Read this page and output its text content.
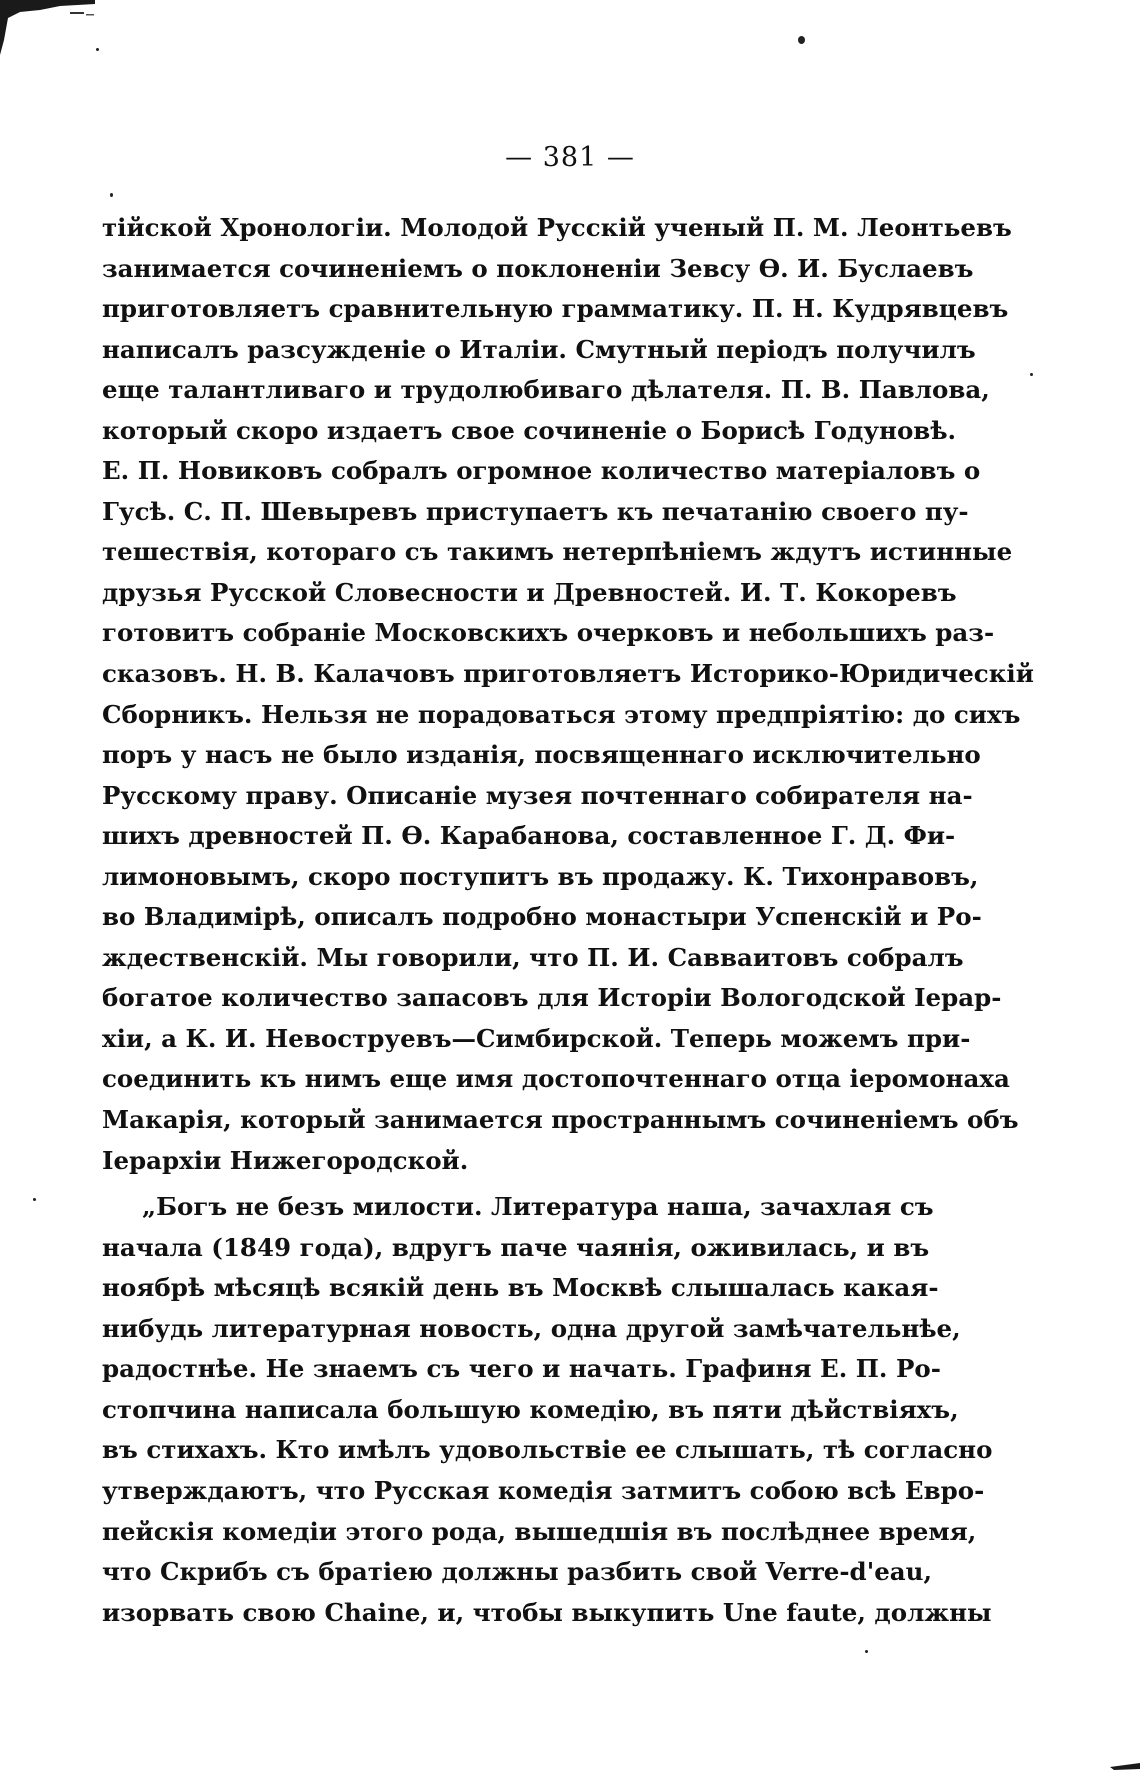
— 381 —
тійской Хронологіи. Молодой Русскій ученый П. М. Леонтьевъ
занимается сочиненіемъ о поклоненіи Зевсу Ѳ. И. Буслаевъ
приготовляетъ сравнительную грамматику. П. Н. Кудрявцевъ
написалъ разсужденіе о Италіи. Смутный періодъ получилъ
еще талантливаго и трудолюбиваго дѣлателя. П. В. Павлова,
который скоро издаетъ свое сочиненіе о Борисѣ Годуновѣ.
Е. П. Новиковъ собралъ огромное количество матеріаловъ о
Гусѣ. С. П. Шевыревъ приступаетъ къ печатанію своего пу-
тешествія, котораго съ такимъ нетерпѣніемъ ждутъ истинные
друзья Русской Словесности и Древностей. И. Т. Кокоревъ
готовитъ собраніе Московскихъ очерковъ и небольшихъ раз-
сказовъ. Н. В. Калачовъ приготовляетъ Историко-Юридическій
Сборникъ. Нельзя не порадоваться этому предпріятію: до сихъ
поръ у насъ не было изданія, посвященнаго исключительно
Русскому праву. Описаніе музея почтеннаго собирателя на-
шихъ древностей П. Ѳ. Карабанова, составленное Г. Д. Фи-
лимоновымъ, скоро поступитъ въ продажу. К. Тихонравовъ,
во Владимірѣ, описалъ подробно монастыри Успенскій и Ро-
ждественскій. Мы говорили, что П. И. Савваитовъ собралъ
богатое количество запасовъ для Исторіи Вологодской Іерар-
хіи, а К. И. Невоструевъ—Симбирской. Теперь можемъ при-
соединить къ нимъ еще имя достопочтеннаго отца іеромонаха
Макарія, который занимается пространнымъ сочиненіемъ объ
Іерархіи Нижегородской.
„Богъ не безъ милости. Литература наша, зачахлая съ
начала (1849 года), вдругъ паче чаянія, оживилась, и въ
ноябрѣ мѣсяцѣ всякій день въ Москвѣ слышалась какая-
нибудь литературная новость, одна другой замѣчательнѣе,
радостнѣе. Не знаемъ съ чего и начать. Графиня Е. П. Ро-
стопчина написала большую комедію, въ пяти дѣйствіяхъ,
въ стихахъ. Кто имѣлъ удовольствіе ее слышать, тѣ согласно
утверждаютъ, что Русская комедія затмитъ собою всѣ Евро-
пейскія комедіи этого рода, вышедшія въ послѣднее время,
что Скрибъ съ братіею должны разбить свой Verre-d'eau,
изорвать свою Chaine, и, чтобы выкупить Une faute, должны
